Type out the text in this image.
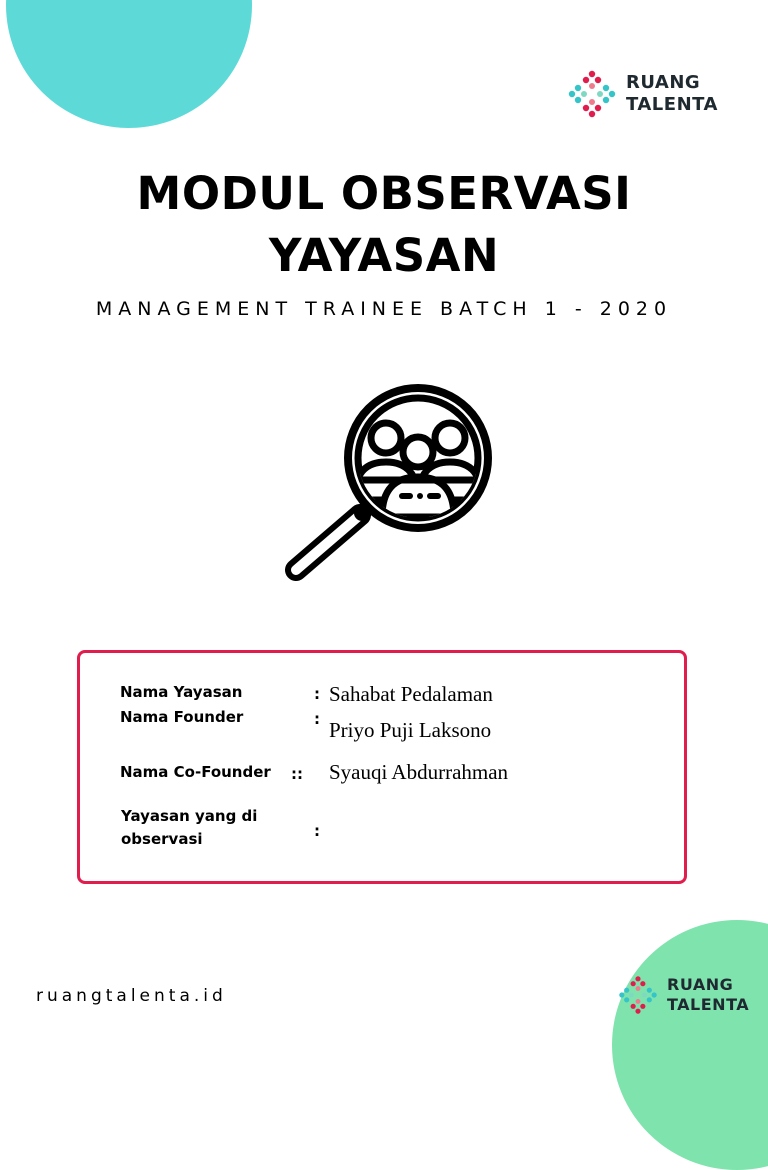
RUANG
TALENTA
MODUL OBSERVASI
YAYASAN
MANAGEMENT TRAINEE BATCH 1 - 2020
Nama Yayasan	: Sahabat Pedalaman
Nama Founder	: Priyo Puji Laksono
Nama Co-Founder :: Syauqi Abdurrahman
Yayasan yang di observasi	:
ruangtalenta.id
RUANG
TALENTA
